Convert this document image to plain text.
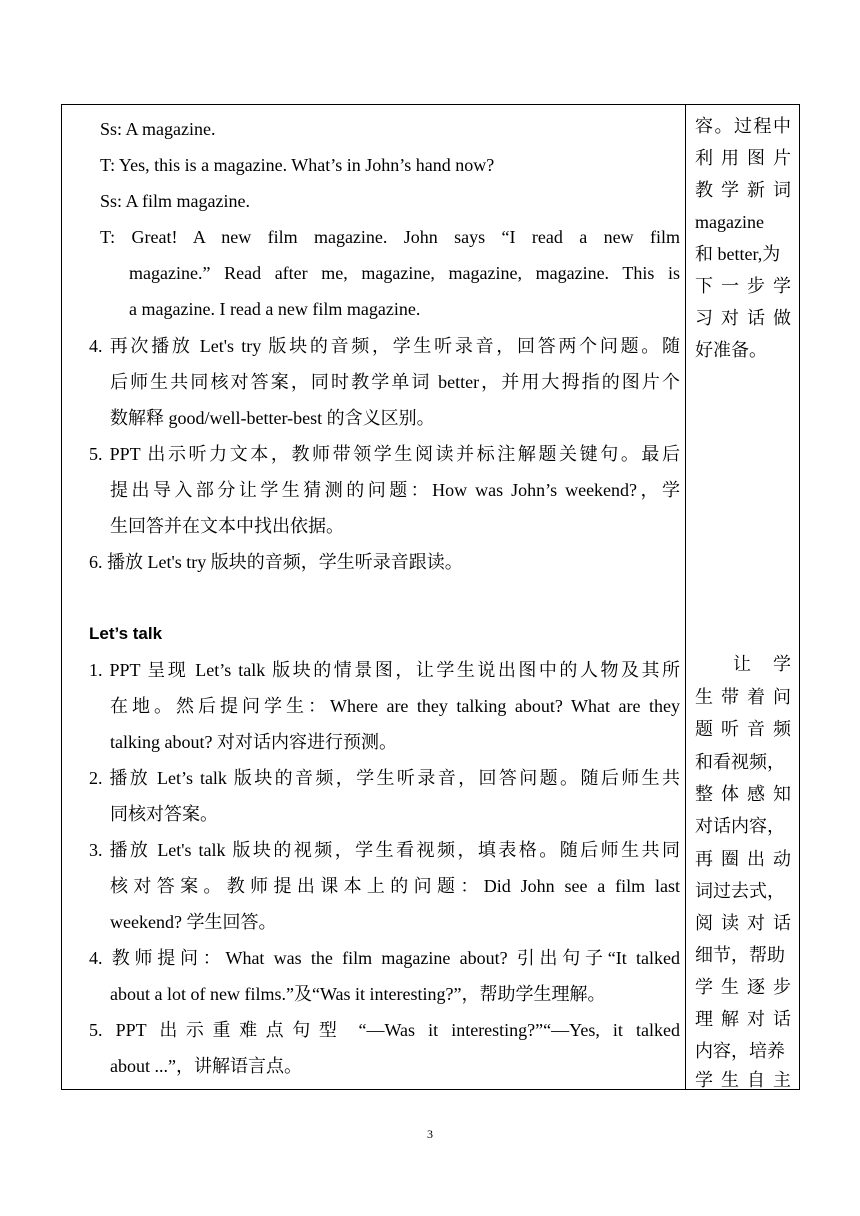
Ss: A magazine.
T: Yes, this is a magazine. What’s in John’s hand now?
Ss: A film magazine.
T: Great! A new film magazine. John says “I read a new film
magazine.” Read after me, magazine, magazine, magazine. This is
a magazine. I read a new film magazine.
4. 再次播放 Let's try 版块的音频，学生听录音，回答两个问题。随
后师生共同核对答案，同时教学单词 better，并用大拇指的图片个
数解释 good/well-better-best 的含义区别。
5. PPT 出示听力文本，教师带领学生阅读并标注解题关键句。最后
提出导入部分让学生猜测的问题：How was John’s weekend?，学
生回答并在文本中找出依据。
6. 播放 Let's try 版块的音频，学生听录音跟读。
Let’s talk
1. PPT 呈现 Let’s talk 版块的情景图，让学生说出图中的人物及其所
在地。然后提问学生：Where are they talking about? What are they
talking about? 对对话内容进行预测。
2. 播放 Let’s talk 版块的音频，学生听录音，回答问题。随后师生共
同核对答案。
3. 播放 Let's talk 版块的视频，学生看视频，填表格。随后师生共同
核对答案。教师提出课本上的问题：Did John see a film last
weekend? 学生回答。
4. 教师提问：What was the film magazine about? 引出句子“It talked
about a lot of new films.”及“Was it interesting?”，帮助学生理解。
5. PPT 出示重难点句型 “—Was it interesting?”“—Yes, it talked
about ...”，讲解语言点。
容。过程中
利用图片
教学新词
magazine
和 better,为
下一步学
习对话做
好准备。
让学
生带着问
题听音频
和看视频，
整体感知
对话内容，
再圈出动
词过去式，
阅读对话
细节，帮助
学生逐步
理解对话
内容，培养
学生自主
3
